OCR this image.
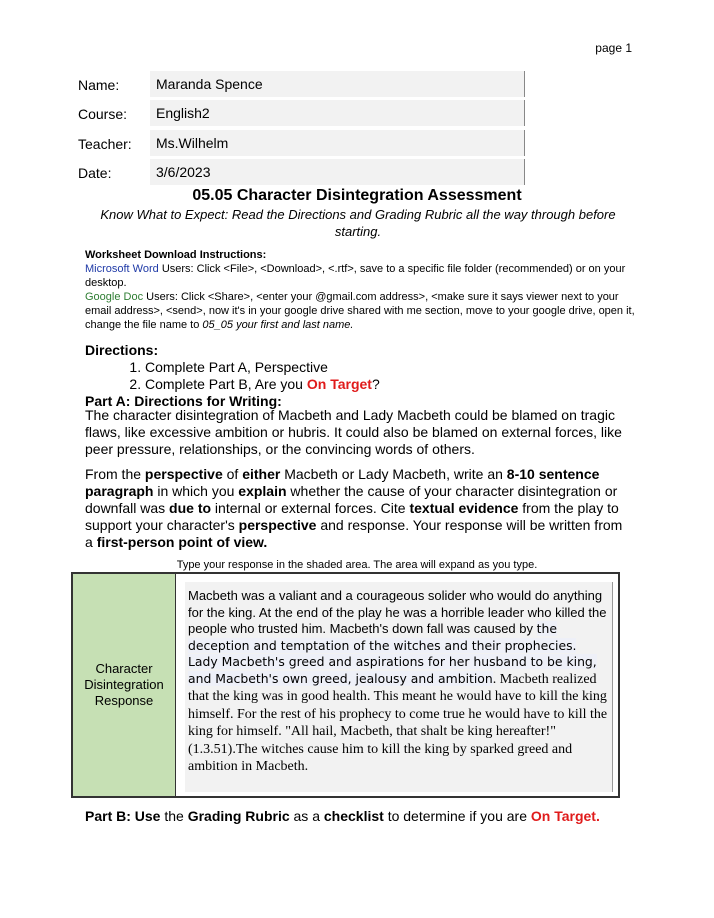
page 1
Name:	Maranda Spence
Course:	English2
Teacher:	Ms.Wilhelm
Date:	3/6/2023
05.05 Character Disintegration Assessment
Know What to Expect: Read the Directions and Grading Rubric all the way through before starting.
Worksheet Download Instructions:
Microsoft Word Users: Click <File>, <Download>, <.rtf>, save to a specific file folder (recommended) or on your desktop.
Google Doc Users: Click <Share>, <enter your @gmail.com address>, <make sure it says viewer next to your email address>, <send>, now it's in your google drive shared with me section, move to your google drive, open it, change the file name to 05_05 your first and last name.
Directions:
1. Complete Part A, Perspective
2. Complete Part B, Are you On Target?
Part A: Directions for Writing:
The character disintegration of Macbeth and Lady Macbeth could be blamed on tragic flaws, like excessive ambition or hubris. It could also be blamed on external forces, like peer pressure, relationships, or the convincing words of others.
From the perspective of either Macbeth or Lady Macbeth, write an 8-10 sentence paragraph in which you explain whether the cause of your character disintegration or downfall was due to internal or external forces. Cite textual evidence from the play to support your character's perspective and response. Your response will be written from a first-person point of view.
Type your response in the shaded area. The area will expand as you type.
Character Disintegration Response
Macbeth was a valiant and a courageous solider who would do anything for the king. At the end of the play he was a horrible leader who killed the people who trusted him. Macbeth's down fall was caused by the deception and temptation of the witches and their prophecies. Lady Macbeth's greed and aspirations for her husband to be king, and Macbeth's own greed, jealousy and ambition. Macbeth realized that the king was in good health. This meant he would have to kill the king himself. For the rest of his prophecy to come true he would have to kill the king for himself. "All hail, Macbeth, that shalt be king hereafter!" (1.3.51).The witches cause him to kill the king by sparked greed and ambition in Macbeth.
Part B: Use the Grading Rubric as a checklist to determine if you are On Target.
